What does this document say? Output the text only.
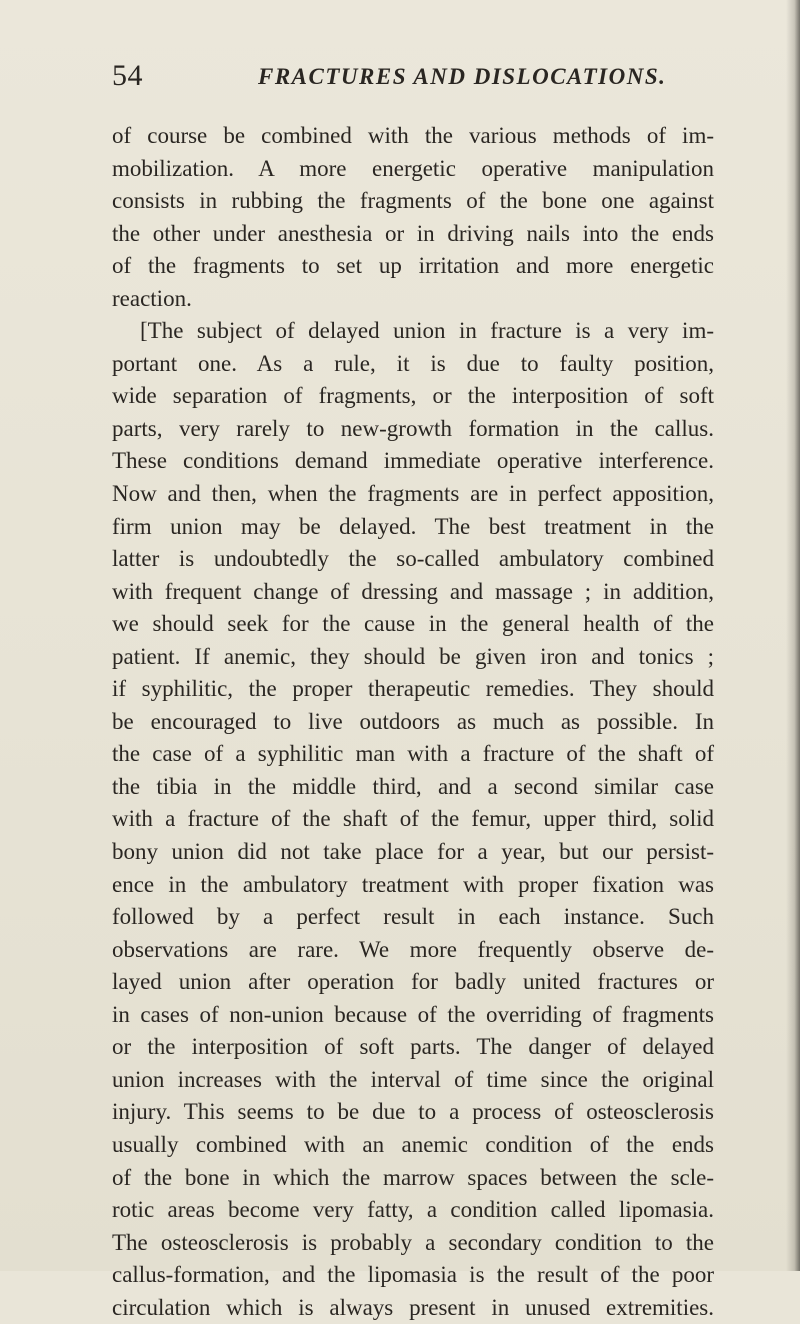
54	FRACTURES AND DISLOCATIONS.
of course be combined with the various methods of im-
mobilization. A more energetic operative manipulation
consists in rubbing the fragments of the bone one against
the other under anesthesia or in driving nails into the ends
of the fragments to set up irritation and more energetic
reaction.
[The subject of delayed union in fracture is a very im-
portant one. As a rule, it is due to faulty position,
wide separation of fragments, or the interposition of soft
parts, very rarely to new-growth formation in the callus.
These conditions demand immediate operative interference.
Now and then, when the fragments are in perfect apposition,
firm union may be delayed. The best treatment in the
latter is undoubtedly the so-called ambulatory combined
with frequent change of dressing and massage ; in addition,
we should seek for the cause in the general health of the
patient. If anemic, they should be given iron and tonics ;
if syphilitic, the proper therapeutic remedies. They should
be encouraged to live outdoors as much as possible. In
the case of a syphilitic man with a fracture of the shaft of
the tibia in the middle third, and a second similar case
with a fracture of the shaft of the femur, upper third, solid
bony union did not take place for a year, but our persist-
ence in the ambulatory treatment with proper fixation was
followed by a perfect result in each instance. Such
observations are rare. We more frequently observe de-
layed union after operation for badly united fractures or
in cases of non-union because of the overriding of fragments
or the interposition of soft parts. The danger of delayed
union increases with the interval of time since the original
injury. This seems to be due to a process of osteosclerosis
usually combined with an anemic condition of the ends
of the bone in which the marrow spaces between the scle-
rotic areas become very fatty, a condition called lipomasia.
The osteosclerosis is probably a secondary condition to the
callus-formation, and the lipomasia is the result of the poor
circulation which is always present in unused extremities.
